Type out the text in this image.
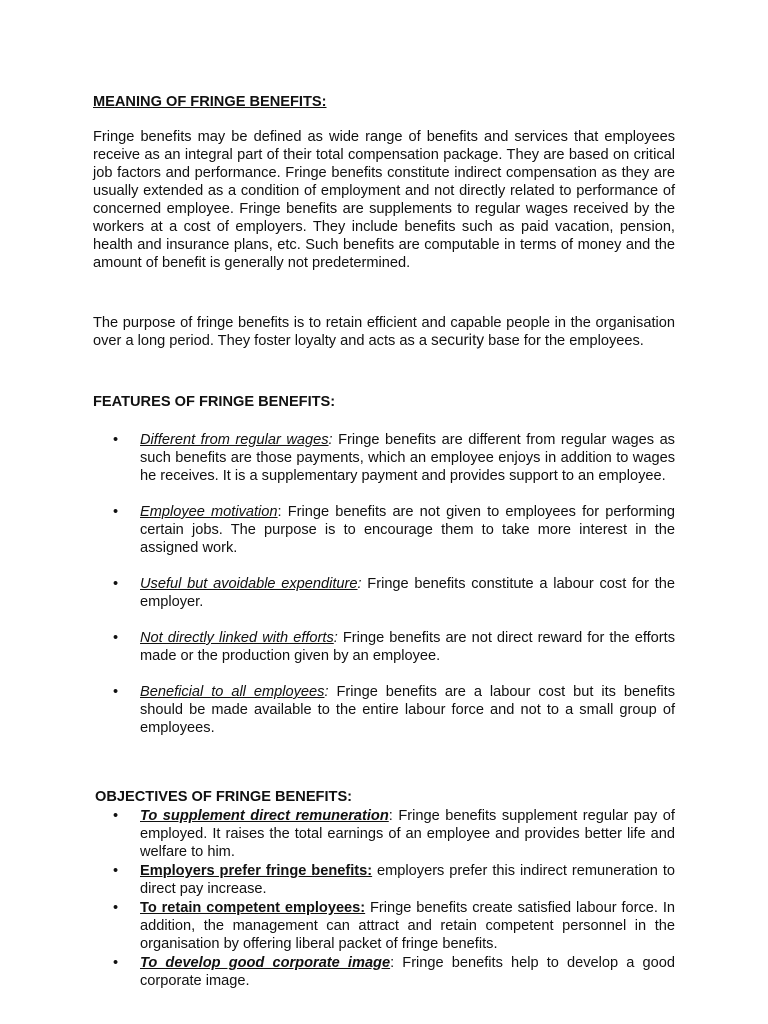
MEANING OF FRINGE BENEFITS:

Fringe benefits may be defined as wide range of benefits and services that employees receive as an integral part of their total compensation package. They are based on critical job factors and performance. Fringe benefits constitute indirect compensation as they are usually extended as a condition of employment and not directly related to performance of concerned employee. Fringe benefits are supplements to regular wages received by the workers at a cost of employers. They include benefits such as paid vacation, pension, health and insurance plans, etc. Such benefits are computable in terms of money and the amount of benefit is generally not predetermined.

The purpose of fringe benefits is to retain efficient and capable people in the organisation over a long period. They foster loyalty and acts as a security base for the employees.

FEATURES OF FRINGE BENEFITS:
• Different from regular wages: Fringe benefits are different from regular wages as such benefits are those payments, which an employee enjoys in addition to wages he receives. It is a supplementary payment and provides support to an employee.
• Employee motivation: Fringe benefits are not given to employees for performing certain jobs. The purpose is to encourage them to take more interest in the assigned work.
• Useful but avoidable expenditure: Fringe benefits constitute a labour cost for the employer.
• Not directly linked with efforts: Fringe benefits are not direct reward for the efforts made or the production given by an employee.
• Beneficial to all employees: Fringe benefits are a labour cost but its benefits should be made available to the entire labour force and not to a small group of employees.
OBJECTIVES OF FRINGE BENEFITS:
• To supplement direct remuneration: Fringe benefits supplement regular pay of employed. It raises the total earnings of an employee and provides better life and welfare to him.
• Employers prefer fringe benefits: employers prefer this indirect remuneration to direct pay increase.
• To retain competent employees: Fringe benefits create satisfied labour force. In addition, the management can attract and retain competent personnel in the organisation by offering liberal packet of fringe benefits.
• To develop good corporate image: Fringe benefits help to develop a good corporate image.
